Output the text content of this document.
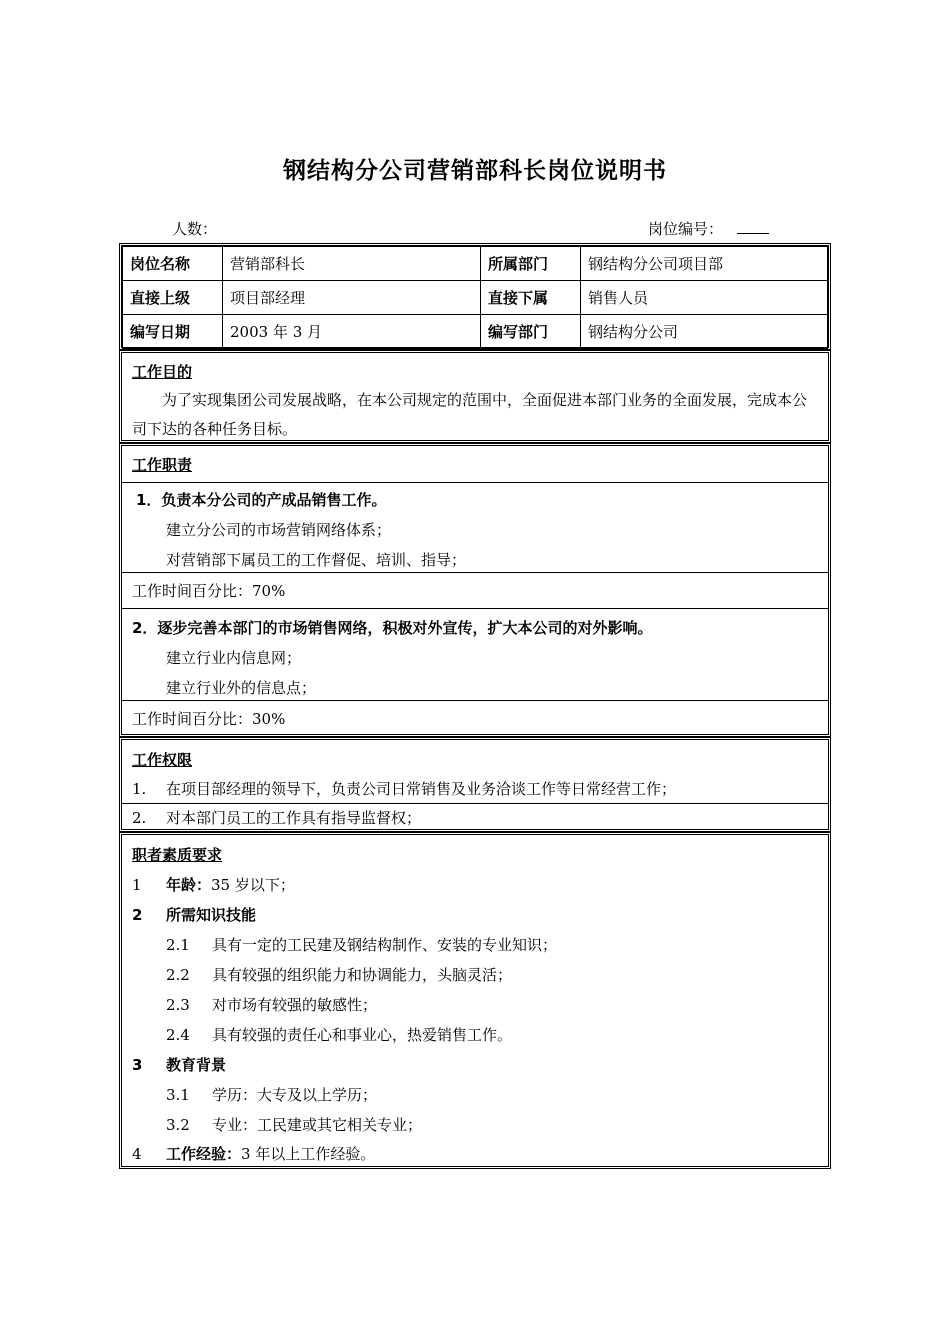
钢结构分公司营销部科长岗位说明书
人数：	岗位编号：
岗位名称	营销部科长	所属部门	钢结构分公司项目部
直接上级	项目部经理	直接下属	销售人员
编写日期	2003 年 3 月	编写部门	钢结构分公司
工作目的
为了实现集团公司发展战略，在本公司规定的范围中，全面促进本部门业务的全面发展，完成本公司下达的各种任务目标。
工作职责
1．负责本分公司的产成品销售工作。
建立分公司的市场营销网络体系；
对营销部下属员工的工作督促、培训、指导；
工作时间百分比：70%
2．逐步完善本部门的市场销售网络，积极对外宣传，扩大本公司的对外影响。
建立行业内信息网；
建立行业外的信息点；
工作时间百分比：30%
工作权限
1. 在项目部经理的领导下，负责公司日常销售及业务洽谈工作等日常经营工作；
2. 对本部门员工的工作具有指导监督权；
职者素质要求
1 年龄：35 岁以下；
2 所需知识技能
2.1 具有一定的工民建及钢结构制作、安装的专业知识；
2.2 具有较强的组织能力和协调能力，头脑灵活；
2.3 对市场有较强的敏感性；
2.4 具有较强的责任心和事业心，热爱销售工作。
3 教育背景
3.1 学历：大专及以上学历；
3.2 专业：工民建或其它相关专业；
4 工作经验：3 年以上工作经验。
